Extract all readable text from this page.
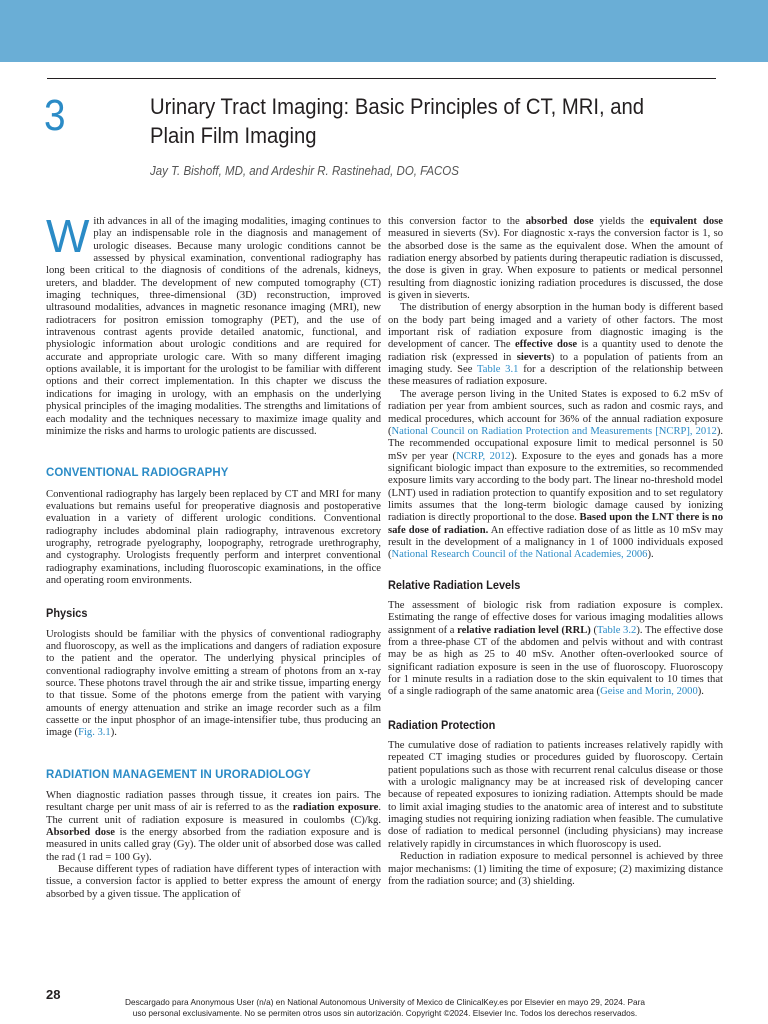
3	Urinary Tract Imaging: Basic Principles of CT, MRI, and Plain Film Imaging
Jay T. Bishoff, MD, and Ardeshir R. Rastinehad, DO, FACOS

With advances in all of the imaging modalities, imaging continues to play an indispensable role in the diagnosis and management of urologic diseases. Because many urologic conditions cannot be assessed by physical examination, conventional radiography has long been critical to the diagnosis of conditions of the adrenals, kidneys, ureters, and bladder. The development of new computed tomography (CT) imaging techniques, three-dimensional (3D) reconstruction, improved ultrasound modalities, advances in magnetic resonance imaging (MRI), new radiotracers for positron emission tomography (PET), and the use of intravenous contrast agents provide detailed anatomic, functional, and physiologic information about urologic conditions and are required for accurate and appropriate urologic care. With so many different imaging options available, it is important for the urologist to be familiar with different options and their correct implementation. In this chapter we discuss the indications for imaging in urology, with an emphasis on the underlying physical principles of the imaging modalities. The strengths and limitations of each modality and the techniques necessary to maximize image quality and minimize the risks and harms to urologic patients are discussed.

CONVENTIONAL RADIOGRAPHY

Conventional radiography has largely been replaced by CT and MRI for many evaluations but remains useful for preoperative diagnosis and postoperative evaluation in a variety of different urologic conditions. Conventional radiography includes abdominal plain radiography, intravenous excretory urography, retrograde pyelography, loopography, retrograde urethrography, and cystography. Urologists frequently perform and interpret conventional radiography examinations, including fluoroscopic examinations, in the office and operating room environments.

Physics

Urologists should be familiar with the physics of conventional radiography and fluoroscopy, as well as the implications and dangers of radiation exposure to the patient and the operator. The underlying physical principles of conventional radiography involve emitting a stream of photons from an x-ray source. These photons travel through the air and strike tissue, imparting energy to that tissue. Some of the photons emerge from the patient with varying amounts of energy attenuation and strike an image recorder such as a film cassette or the input phosphor of an image-intensifier tube, thus producing an image (Fig. 3.1).

RADIATION MANAGEMENT IN URORADIOLOGY

When diagnostic radiation passes through tissue, it creates ion pairs. The resultant charge per unit mass of air is referred to as the radiation exposure. The current unit of radiation exposure is measured in coulombs (C)/kg. Absorbed dose is the energy absorbed from the radiation exposure and is measured in units called gray (Gy). The older unit of absorbed dose was called the rad (1 rad = 100 Gy).

Because different types of radiation have different types of interaction with tissue, a conversion factor is applied to better express the amount of energy absorbed by a given tissue. The application of

this conversion factor to the absorbed dose yields the equivalent dose measured in sieverts (Sv). For diagnostic x-rays the conversion factor is 1, so the absorbed dose is the same as the equivalent dose. When the amount of radiation energy absorbed by patients during therapeutic radiation is discussed, the dose is given in gray. When exposure to patients or medical personnel resulting from diagnostic ionizing radiation procedures is discussed, the dose is given in sieverts.

The distribution of energy absorption in the human body is different based on the body part being imaged and a variety of other factors. The most important risk of radiation exposure from diagnostic imaging is the development of cancer. The effective dose is a quantity used to denote the radiation risk (expressed in sieverts) to a population of patients from an imaging study. See Table 3.1 for a description of the relationship between these measures of radiation exposure.

The average person living in the United States is exposed to 6.2 mSv of radiation per year from ambient sources, such as radon and cosmic rays, and medical procedures, which account for 36% of the annual radiation exposure (National Council on Radiation Protection and Measurements [NCRP], 2012). The recommended occupational exposure limit to medical personnel is 50 mSv per year (NCRP, 2012). Exposure to the eyes and gonads has a more significant biologic impact than exposure to the extremities, so recommended exposure limits vary according to the body part. The linear no-threshold model (LNT) used in radiation protection to quantify exposition and to set regulatory limits assumes that the long-term biologic damage caused by ionizing radiation is directly proportional to the dose. Based upon the LNT there is no safe dose of radiation. An effective radiation dose of as little as 10 mSv may result in the development of a malignancy in 1 of 1000 individuals exposed (National Research Council of the National Academies, 2006).

Relative Radiation Levels

The assessment of biologic risk from radiation exposure is complex. Estimating the range of effective doses for various imaging modalities allows assignment of a relative radiation level (RRL) (Table 3.2). The effective dose from a three-phase CT of the abdomen and pelvis without and with contrast may be as high as 25 to 40 mSv. Another often-overlooked source of significant radiation exposure is seen in the use of fluoroscopy. Fluoroscopy for 1 minute results in a radiation dose to the skin equivalent to 10 times that of a single radiograph of the same anatomic area (Geise and Morin, 2000).

Radiation Protection

The cumulative dose of radiation to patients increases relatively rapidly with repeated CT imaging studies or procedures guided by fluoroscopy. Certain patient populations such as those with recurrent renal calculus disease or those with a urologic malignancy may be at increased risk of developing cancer because of repeated exposures to ionizing radiation. Attempts should be made to limit axial imaging studies to the anatomic area of interest and to substitute imaging studies not requiring ionizing radiation when feasible. The cumulative dose of radiation to medical personnel (including physicians) may increase relatively rapidly in circumstances in which fluoroscopy is used.

Reduction in radiation exposure to medical personnel is achieved by three major mechanisms: (1) limiting the time of exposure; (2) maximizing distance from the radiation source; and (3) shielding.

28	Descargado para Anonymous User (n/a) en National Autonomous University of Mexico de ClinicalKey.es por Elsevier en mayo 29, 2024. Para
uso personal exclusivamente. No se permiten otros usos sin autorización. Copyright ©2024. Elsevier Inc. Todos los derechos reservados.
